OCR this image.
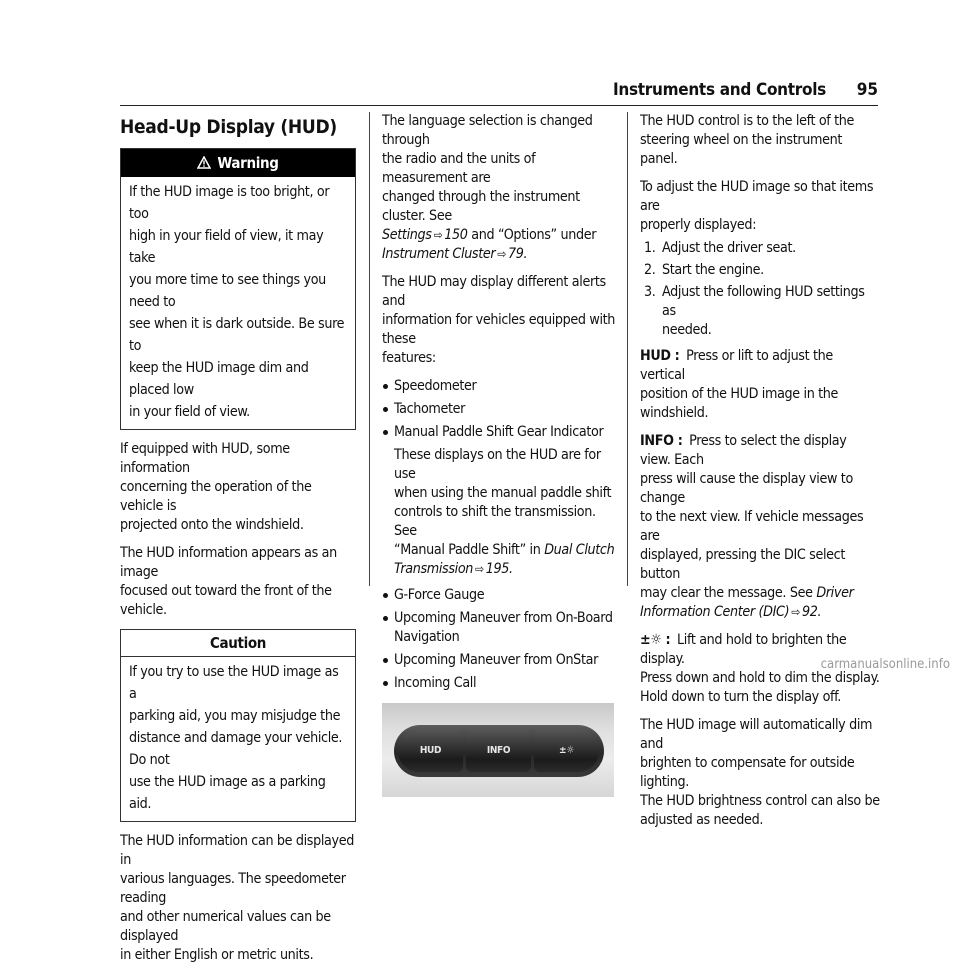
Instruments and Controls 95
Head-Up Display (HUD)
Warning
If the HUD image is too bright, or too
high in your field of view, it may take
you more time to see things you need to
see when it is dark outside. Be sure to
keep the HUD image dim and placed low
in your field of view.

If equipped with HUD, some information
concerning the operation of the vehicle is
projected onto the windshield.

The HUD information appears as an image
focused out toward the front of the vehicle.

Caution
If you try to use the HUD image as a
parking aid, you may misjudge the
distance and damage your vehicle. Do not
use the HUD image as a parking aid.

The HUD information can be displayed in
various languages. The speedometer reading
and other numerical values can be displayed
in either English or metric units.

The language selection is changed through
the radio and the units of measurement are
changed through the instrument cluster. See
Settings ⇨ 150 and “Options” under
Instrument Cluster ⇨ 79.

The HUD may display different alerts and
information for vehicles equipped with these
features:

Speedometer
Tachometer
Manual Paddle Shift Gear Indicator
These displays on the HUD are for use
when using the manual paddle shift
controls to shift the transmission. See
“Manual Paddle Shift” in Dual Clutch
Transmission ⇨ 195.
G-Force Gauge
Upcoming Maneuver from On-Board
Navigation
Upcoming Maneuver from OnStar
Incoming Call
HUD	INFO	±☼

The HUD control is to the left of the
steering wheel on the instrument panel.

To adjust the HUD image so that items are
properly displayed:

1. Adjust the driver seat.
2. Start the engine.
3. Adjust the following HUD settings as
needed.

HUD : Press or lift to adjust the vertical
position of the HUD image in the
windshield.

INFO : Press to select the display view. Each
press will cause the display view to change
to the next view. If vehicle messages are
displayed, pressing the DIC select button
may clear the message. See Driver
Information Center (DIC) ⇨ 92.

±☼ : Lift and hold to brighten the display.
Press down and hold to dim the display.
Hold down to turn the display off.

The HUD image will automatically dim and
brighten to compensate for outside lighting.
The HUD brightness control can also be
adjusted as needed.

carmanualsonline.info
